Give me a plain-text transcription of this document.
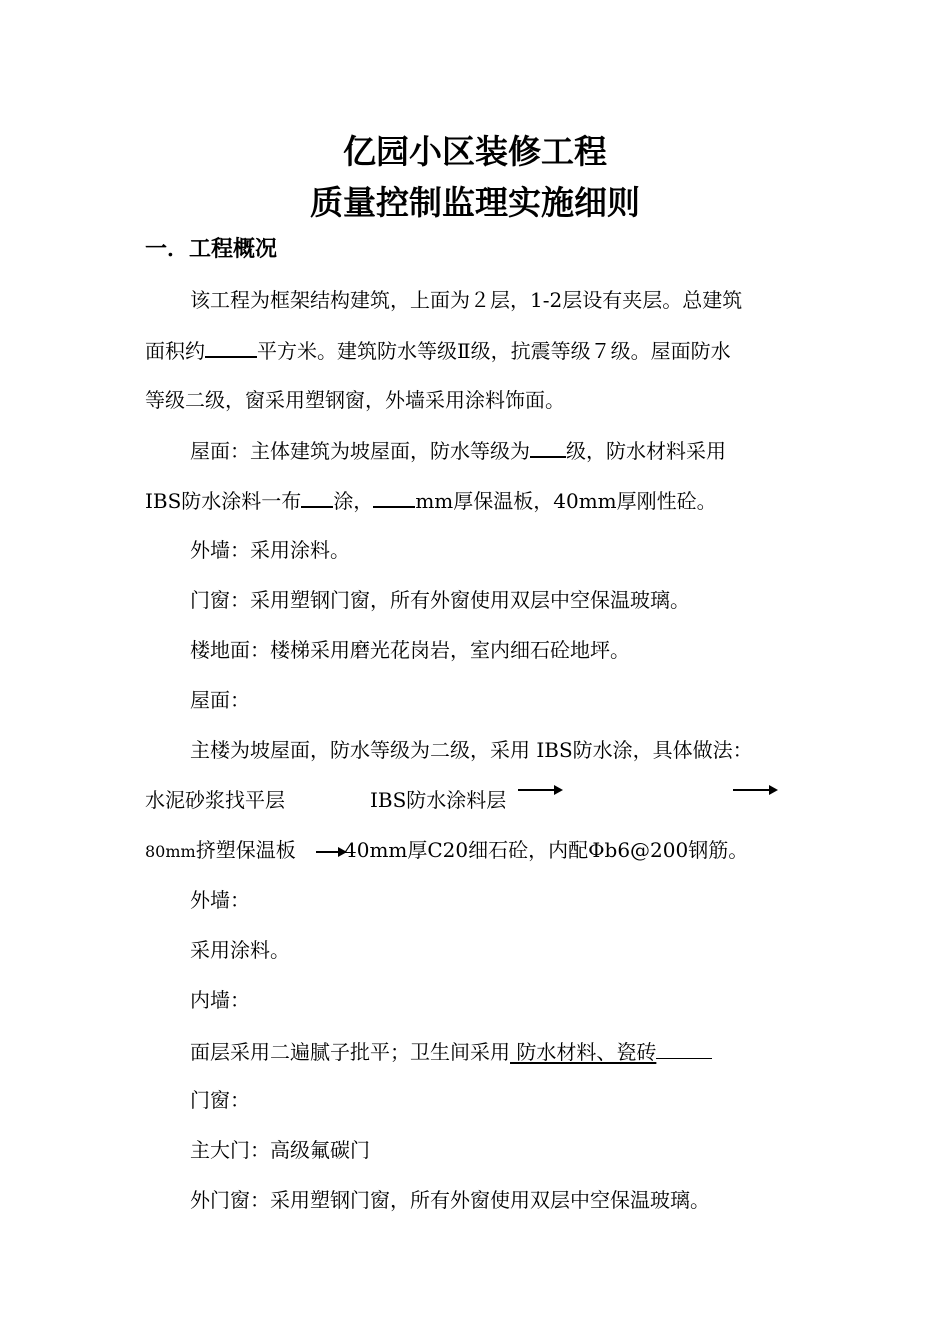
亿园小区装修工程
质量控制监理实施细则
一．工程概况
该工程为框架结构建筑，上面为２层，1-2层设有夹层。总建筑
面积约	平方米。建筑防水等级Ⅱ级，抗震等级７级。屋面防水
等级二级，窗采用塑钢窗，外墙采用涂料饰面。
屋面：主体建筑为坡屋面，防水等级为 级，防水材料采用
IBS防水涂料一布 涂， mm厚保温板，40mm厚刚性砼。
外墙：采用涂料。
门窗：采用塑钢门窗，所有外窗使用双层中空保温玻璃。
楼地面：楼梯采用磨光花岗岩，室内细石砼地坪。
屋面：
主楼为坡屋面，防水等级为二级，采用 IBS防水涂，具体做法：
水泥砂浆找平层	IBS防水涂料层
80mm挤塑保温板 40mm厚C20细石砼，内配Φb6@200钢筋。
外墙：
采用涂料。
内墙：
面层采用二遍腻子批平；卫生间采用 防水材料、瓷砖
门窗：
主大门：高级氟碳门
外门窗：采用塑钢门窗，所有外窗使用双层中空保温玻璃。
